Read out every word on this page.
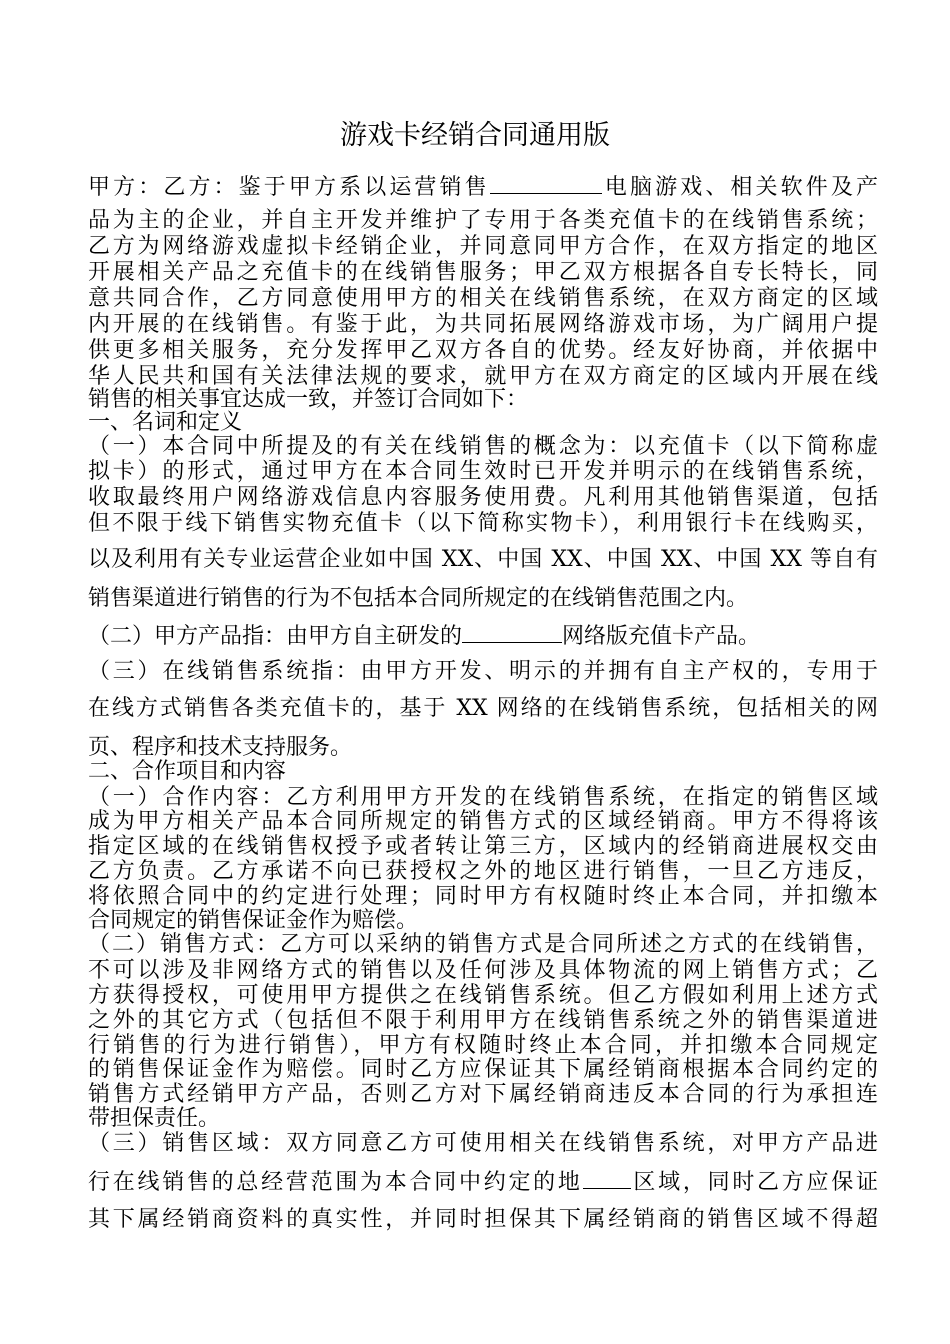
游戏卡经销合同通用版
甲方：乙方：鉴于甲方系以运营销售	电脑游戏、相关软件及产
品为主的企业，并自主开发并维护了专用于各类充值卡的在线销售系统；
乙方为网络游戏虚拟卡经销企业，并同意同甲方合作，在双方指定的地区
开展相关产品之充值卡的在线销售服务；甲乙双方根据各自专长特长，同
意共同合作，乙方同意使用甲方的相关在线销售系统，在双方商定的区域
内开展的在线销售。有鉴于此，为共同拓展网络游戏市场，为广阔用户提
供更多相关服务，充分发挥甲乙双方各自的优势。经友好协商，并依据中
华人民共和国有关法律法规的要求，就甲方在双方商定的区域内开展在线
销售的相关事宜达成一致，并签订合同如下：
一、名词和定义
（一）本合同中所提及的有关在线销售的概念为：以充值卡（以下简称虚
拟卡）的形式，通过甲方在本合同生效时已开发并明示的在线销售系统，
收取最终用户网络游戏信息内容服务使用费。凡利用其他销售渠道，包括
但不限于线下销售实物充值卡（以下简称实物卡），利用银行卡在线购买，
以及利用有关专业运营企业如中国 XX、中国 XX、中国 XX、中国 XX 等自有
销售渠道进行销售的行为不包括本合同所规定的在线销售范围之内。
（二）甲方产品指：由甲方自主研发的	网络版充值卡产品。
（三）在线销售系统指：由甲方开发、明示的并拥有自主产权的，专用于
在线方式销售各类充值卡的，基于 XX 网络的在线销售系统，包括相关的网
页、程序和技术支持服务。
二、合作项目和内容
（一）合作内容：乙方利用甲方开发的在线销售系统，在指定的销售区域
成为甲方相关产品本合同所规定的销售方式的区域经销商。甲方不得将该
指定区域的在线销售权授予或者转让第三方，区域内的经销商进展权交由
乙方负责。乙方承诺不向已获授权之外的地区进行销售，一旦乙方违反，
将依照合同中的约定进行处理；同时甲方有权随时终止本合同，并扣缴本
合同规定的销售保证金作为赔偿。
（二）销售方式：乙方可以采纳的销售方式是合同所述之方式的在线销售，
不可以涉及非网络方式的销售以及任何涉及具体物流的网上销售方式；乙
方获得授权，可使用甲方提供之在线销售系统。但乙方假如利用上述方式
之外的其它方式（包括但不限于利用甲方在线销售系统之外的销售渠道进
行销售的行为进行销售），甲方有权随时终止本合同，并扣缴本合同规定
的销售保证金作为赔偿。同时乙方应保证其下属经销商根据本合同约定的
销售方式经销甲方产品，否则乙方对下属经销商违反本合同的行为承担连
带担保责任。
（三）销售区域：双方同意乙方可使用相关在线销售系统，对甲方产品进
行在线销售的总经营范围为本合同中约定的地 区域，同时乙方应保证
其下属经销商资料的真实性，并同时担保其下属经销商的销售区域不得超
